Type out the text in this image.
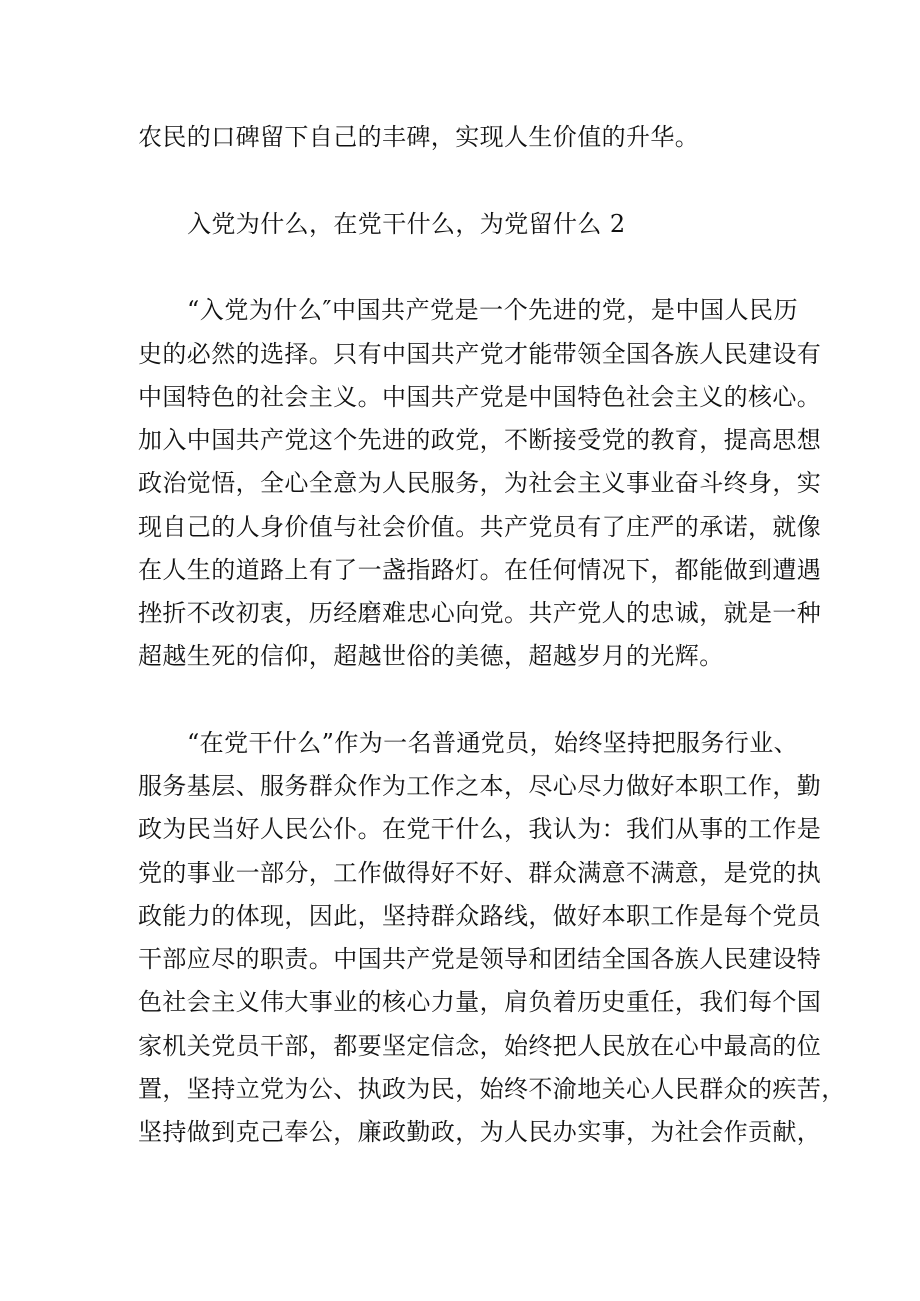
农民的口碑留下自己的丰碑，实现人生价值的升华。
入党为什么，在党干什么，为党留什么 2
“入党为什么″中国共产党是一个先进的党，是中国人民历
史的必然的选择。只有中国共产党才能带领全国各族人民建设有
中国特色的社会主义。中国共产党是中国特色社会主义的核心。
加入中国共产党这个先进的政党，不断接受党的教育，提高思想
政治觉悟，全心全意为人民服务，为社会主义事业奋斗终身，实
现自己的人身价值与社会价值。共产党员有了庄严的承诺，就像
在人生的道路上有了一盏指路灯。在任何情况下，都能做到遭遇
挫折不改初衷，历经磨难忠心向党。共产党人的忠诚，就是一种
超越生死的信仰，超越世俗的美德，超越岁月的光辉。
“在党干什么”作为一名普通党员，始终坚持把服务行业、
服务基层、服务群众作为工作之本，尽心尽力做好本职工作，勤
政为民当好人民公仆。在党干什么，我认为：我们从事的工作是
党的事业一部分，工作做得好不好、群众满意不满意，是党的执
政能力的体现，因此，坚持群众路线，做好本职工作是每个党员
干部应尽的职责。中国共产党是领导和团结全国各族人民建设特
色社会主义伟大事业的核心力量，肩负着历史重任，我们每个国
家机关党员干部，都要坚定信念，始终把人民放在心中最高的位
置，坚持立党为公、执政为民，始终不渝地关心人民群众的疾苦，
坚持做到克己奉公，廉政勤政，为人民办实事，为社会作贡献，
